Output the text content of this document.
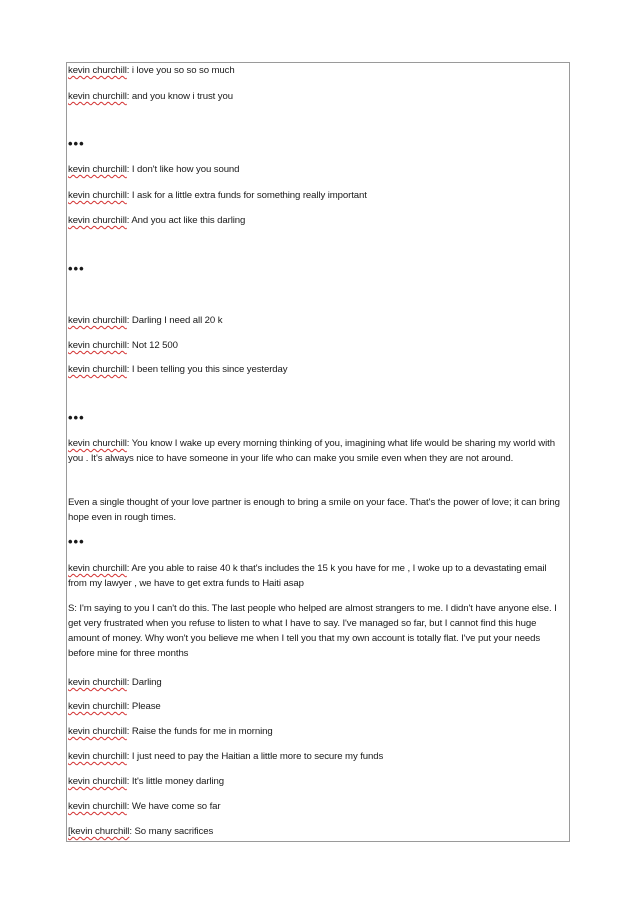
kevin churchill: i love you so so so much
kevin churchill: and you know i trust you
•••
kevin churchill: I don't like how you sound
kevin churchill: I ask for a little extra funds for something really important
kevin churchill: And you act like this darling
•••
kevin churchill: Darling I need all 20 k
kevin churchill: Not 12 500
kevin churchill: I been telling you this since yesterday
•••
kevin churchill: You know I wake up every morning thinking of you, imagining what life would be sharing my world with you . It's always nice to have someone in your life who can make you smile even when they are not around.
Even a single thought of your love partner is enough to bring a smile on your face. That's the power of love; it can bring hope even in rough times.
•••
kevin churchill: Are you able to raise 40 k that's includes the 15 k you have for me , I woke up to a devastating email from my lawyer , we have to get extra funds to Haiti asap
S: I'm saying to you I can't do this. The last people who helped are almost strangers to me. I didn't have anyone else. I get very frustrated when you refuse to listen to what I have to say. I've managed so far, but I cannot find this huge amount of money. Why won't you believe me when I tell you that my own account is totally flat. I've put your needs before mine for three months
kevin churchill: Darling
kevin churchill: Please
kevin churchill: Raise the funds for me in morning
kevin churchill: I just need to pay the Haitian a little more to secure my funds
kevin churchill: It's little money darling
kevin churchill: We have come so far
[kevin churchill: So many sacrifices
